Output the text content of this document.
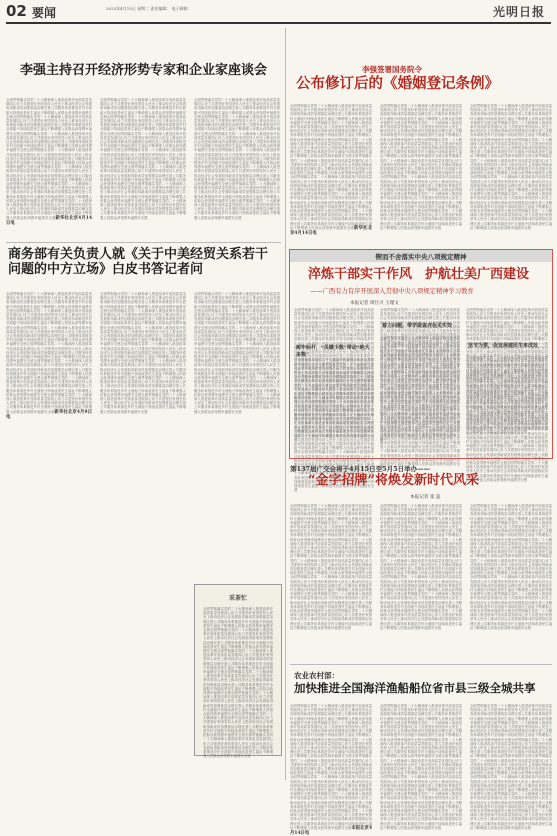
02 要闻	2025年4月15日 星期二 责任编辑： 电子邮箱：	光明日报
李强主持召开经济形势专家和企业家座谈会
全面贯彻落实党的二十大精神深入推进改革开放高质量发展同心协力共建美好家园坚持人民至上推动经济社会发展取得新成效加强基层治理完善公共服务体系推进乡村全面振兴持续改善民生福祉不断增强人民群众获得感幸福感安全感全面贯彻落实党的二十大精神深入推进改革开放高质量发展同心协力共建美好家园坚持人民至上推动经济社会发展取得新成效加强基层治理完善公共服务体系推进乡村全面振兴持续改善民生福祉不断增强人民群众获得感幸福感安全感全面贯彻落实党的二十大精神深入推进改革开放高质量发展同心协力共建美好家园坚持人民至上推动经济社会发展取得新成效加强基层治理完善公共服务体系推进乡村全面振兴持续改善民生福祉不断增强人民群众获得感幸福感安全感全面贯彻落实党的二十大精神深入推进改革开放高质量发展同心协力共建美好家园坚持人民至上推动经济社会发展取得新成效加强基层治理完善公共服务体系推进乡村全面振兴持续改善民生福祉不断增强人民群众获得感幸福感安全感全面贯彻落实党的二十大精神深入推进改革开放高质量发展同心协力共建美好家园坚持人民至上推动经济社会发展取得新成效加强基层治理完善公共服务体系推进乡村全面振兴持续改善民生福祉不断增强人民群众获得感幸福感安全感全面贯彻落实党的二十大精神深入推进改革开放高质量发展同心协力共建美好家园坚持人民至上推动经济社会发展取得新成效加强基层治理完善公共服务体系推进乡村全面振兴持续改善民生福祉不断增强人民群众获得感幸福感安全感全面贯彻落实党的二十大精神深入推进改革开放高质量发展同心协力共建美好家园坚持人民至上推动经济社会发展取得新成效加强基层治理完善公共服务体系推进乡村全面振兴持续改善民生福祉不断增强人民群众获得感幸福感安全感 新华社北京4月14日电
全面贯彻落实党的二十大精神深入推进改革开放高质量发展同心协力共建美好家园坚持人民至上推动经济社会发展取得新成效加强基层治理完善公共服务体系推进乡村全面振兴持续改善民生福祉不断增强人民群众获得感幸福感安全感全面贯彻落实党的二十大精神深入推进改革开放高质量发展同心协力共建美好家园坚持人民至上推动经济社会发展取得新成效加强基层治理完善公共服务体系推进乡村全面振兴持续改善民生福祉不断增强人民群众获得感幸福感安全感全面贯彻落实党的二十大精神深入推进改革开放高质量发展同心协力共建美好家园坚持人民至上推动经济社会发展取得新成效加强基层治理完善公共服务体系推进乡村全面振兴持续改善民生福祉不断增强人民群众获得感幸福感安全感全面贯彻落实党的二十大精神深入推进改革开放高质量发展同心协力共建美好家园坚持人民至上推动经济社会发展取得新成效加强基层治理完善公共服务体系推进乡村全面振兴持续改善民生福祉不断增强人民群众获得感幸福感安全感全面贯彻落实党的二十大精神深入推进改革开放高质量发展同心协力共建美好家园坚持人民至上推动经济社会发展取得新成效加强基层治理完善公共服务体系推进乡村全面振兴持续改善民生福祉不断增强人民群众获得感幸福感安全感全面贯彻落实党的二十大精神深入推进改革开放高质量发展同心协力共建美好家园坚持人民至上推动经济社会发展取得新成效加强基层治理完善公共服务体系推进乡村全面振兴持续改善民生福祉不断增强人民群众获得感幸福感安全感全面贯彻落实党的二十大精神深入推进改革开放高质量发展同心协力共建美好家园坚持人民至上推动经济社会发展取得新成效加强基层治理完善公共服务体系推进乡村全面振兴持续改善民生福祉不断增强人民群众获得感幸福感安全感
全面贯彻落实党的二十大精神深入推进改革开放高质量发展同心协力共建美好家园坚持人民至上推动经济社会发展取得新成效加强基层治理完善公共服务体系推进乡村全面振兴持续改善民生福祉不断增强人民群众获得感幸福感安全感全面贯彻落实党的二十大精神深入推进改革开放高质量发展同心协力共建美好家园坚持人民至上推动经济社会发展取得新成效加强基层治理完善公共服务体系推进乡村全面振兴持续改善民生福祉不断增强人民群众获得感幸福感安全感全面贯彻落实党的二十大精神深入推进改革开放高质量发展同心协力共建美好家园坚持人民至上推动经济社会发展取得新成效加强基层治理完善公共服务体系推进乡村全面振兴持续改善民生福祉不断增强人民群众获得感幸福感安全感全面贯彻落实党的二十大精神深入推进改革开放高质量发展同心协力共建美好家园坚持人民至上推动经济社会发展取得新成效加强基层治理完善公共服务体系推进乡村全面振兴持续改善民生福祉不断增强人民群众获得感幸福感安全感全面贯彻落实党的二十大精神深入推进改革开放高质量发展同心协力共建美好家园坚持人民至上推动经济社会发展取得新成效加强基层治理完善公共服务体系推进乡村全面振兴持续改善民生福祉不断增强人民群众获得感幸福感安全感全面贯彻落实党的二十大精神深入推进改革开放高质量发展同心协力共建美好家园坚持人民至上推动经济社会发展取得新成效加强基层治理完善公共服务体系推进乡村全面振兴持续改善民生福祉不断增强人民群众获得感幸福感安全感全面贯彻落实党的二十大精神深入推进改革开放高质量发展同心协力共建美好家园坚持人民至上推动经济社会发展取得新成效加强基层治理完善公共服务体系推进乡村全面振兴持续改善民生福祉不断增强人民群众获得感幸福感安全感
商务部有关负责人就《关于中美经贸关系若干问题的中方立场》白皮书答记者问
全面贯彻落实党的二十大精神深入推进改革开放高质量发展同心协力共建美好家园坚持人民至上推动经济社会发展取得新成效加强基层治理完善公共服务体系推进乡村全面振兴持续改善民生福祉不断增强人民群众获得感幸福感安全感全面贯彻落实党的二十大精神深入推进改革开放高质量发展同心协力共建美好家园坚持人民至上推动经济社会发展取得新成效加强基层治理完善公共服务体系推进乡村全面振兴持续改善民生福祉不断增强人民群众获得感幸福感安全感全面贯彻落实党的二十大精神深入推进改革开放高质量发展同心协力共建美好家园坚持人民至上推动经济社会发展取得新成效加强基层治理完善公共服务体系推进乡村全面振兴持续改善民生福祉不断增强人民群众获得感幸福感安全感全面贯彻落实党的二十大精神深入推进改革开放高质量发展同心协力共建美好家园坚持人民至上推动经济社会发展取得新成效加强基层治理完善公共服务体系推进乡村全面振兴持续改善民生福祉不断增强人民群众获得感幸福感安全感全面贯彻落实党的二十大精神深入推进改革开放高质量发展同心协力共建美好家园坚持人民至上推动经济社会发展取得新成效加强基层治理完善公共服务体系推进乡村全面振兴持续改善民生福祉不断增强人民群众获得感幸福感安全感全面贯彻落实党的二十大精神深入推进改革开放高质量发展同心协力共建美好家园坚持人民至上推动经济社会发展取得新成效加强基层治理完善公共服务体系推进乡村全面振兴持续改善民生福祉不断增强人民群众获得感幸福感安全感全面贯彻落实党的二十大精神深入推进改革开放高质量发展同心协力共建美好家园坚持人民至上推动经济社会发展取得新成效加强基层治理完善公共服务体系推进乡村全面振兴持续改善民生福祉不断增强人民群众获得感幸福感安全感 新华社北京4月9日电
全面贯彻落实党的二十大精神深入推进改革开放高质量发展同心协力共建美好家园坚持人民至上推动经济社会发展取得新成效加强基层治理完善公共服务体系推进乡村全面振兴持续改善民生福祉不断增强人民群众获得感幸福感安全感全面贯彻落实党的二十大精神深入推进改革开放高质量发展同心协力共建美好家园坚持人民至上推动经济社会发展取得新成效加强基层治理完善公共服务体系推进乡村全面振兴持续改善民生福祉不断增强人民群众获得感幸福感安全感全面贯彻落实党的二十大精神深入推进改革开放高质量发展同心协力共建美好家园坚持人民至上推动经济社会发展取得新成效加强基层治理完善公共服务体系推进乡村全面振兴持续改善民生福祉不断增强人民群众获得感幸福感安全感全面贯彻落实党的二十大精神深入推进改革开放高质量发展同心协力共建美好家园坚持人民至上推动经济社会发展取得新成效加强基层治理完善公共服务体系推进乡村全面振兴持续改善民生福祉不断增强人民群众获得感幸福感安全感全面贯彻落实党的二十大精神深入推进改革开放高质量发展同心协力共建美好家园坚持人民至上推动经济社会发展取得新成效加强基层治理完善公共服务体系推进乡村全面振兴持续改善民生福祉不断增强人民群众获得感幸福感安全感全面贯彻落实党的二十大精神深入推进改革开放高质量发展同心协力共建美好家园坚持人民至上推动经济社会发展取得新成效加强基层治理完善公共服务体系推进乡村全面振兴持续改善民生福祉不断增强人民群众获得感幸福感安全感全面贯彻落实党的二十大精神深入推进改革开放高质量发展同心协力共建美好家园坚持人民至上推动经济社会发展取得新成效加强基层治理完善公共服务体系推进乡村全面振兴持续改善民生福祉不断增强人民群众获得感幸福感安全感
全面贯彻落实党的二十大精神深入推进改革开放高质量发展同心协力共建美好家园坚持人民至上推动经济社会发展取得新成效加强基层治理完善公共服务体系推进乡村全面振兴持续改善民生福祉不断增强人民群众获得感幸福感安全感全面贯彻落实党的二十大精神深入推进改革开放高质量发展同心协力共建美好家园坚持人民至上推动经济社会发展取得新成效加强基层治理完善公共服务体系推进乡村全面振兴持续改善民生福祉不断增强人民群众获得感幸福感安全感全面贯彻落实党的二十大精神深入推进改革开放高质量发展同心协力共建美好家园坚持人民至上推动经济社会发展取得新成效加强基层治理完善公共服务体系推进乡村全面振兴持续改善民生福祉不断增强人民群众获得感幸福感安全感全面贯彻落实党的二十大精神深入推进改革开放高质量发展同心协力共建美好家园坚持人民至上推动经济社会发展取得新成效加强基层治理完善公共服务体系推进乡村全面振兴持续改善民生福祉不断增强人民群众获得感幸福感安全感全面贯彻落实党的二十大精神深入推进改革开放高质量发展同心协力共建美好家园坚持人民至上推动经济社会发展取得新成效加强基层治理完善公共服务体系推进乡村全面振兴持续改善民生福祉不断增强人民群众获得感幸福感安全感全面贯彻落实党的二十大精神深入推进改革开放高质量发展同心协力共建美好家园坚持人民至上推动经济社会发展取得新成效加强基层治理完善公共服务体系推进乡村全面振兴持续改善民生福祉不断增强人民群众获得感幸福感安全感全面贯彻落实党的二十大精神深入推进改革开放高质量发展同心协力共建美好家园坚持人民至上推动经济社会发展取得新成效加强基层治理完善公共服务体系推进乡村全面振兴持续改善民生福祉不断增强人民群众获得感幸福感安全感
采茶忙
全面贯彻落实党的二十大精神深入推进改革开放高质量发展同心协力共建美好家园坚持人民至上推动经济社会发展取得新成效加强基层治理完善公共服务体系推进乡村全面振兴持续改善民生福祉不断增强人民群众获得感幸福感安全感全面贯彻落实党的二十大精神深入推进改革开放高质量发展同心协力共建美好家园坚持人民至上推动经济社会发展取得新成效加强基层治理完善公共服务体系推进乡村全面振兴持续改善民生福祉不断增强人民群众获得感幸福感安全感全面贯彻落实党的二十大精神深入推进改革开放高质量发展同心协力共建美好家园坚持人民至上推动经济社会发展取得新成效加强基层治理完善公共服务体系推进乡村全面振兴持续改善民生福祉不断增强人民群众获得感幸福感安全感全面贯彻落实党的二十大精神深入推进改革开放高质量发展同心协力共建美好家园坚持人民至上推动经济社会发展取得新成效加强基层治理完善公共服务体系推进乡村全面振兴持续改善民生福祉不断增强人民群众获得感幸福感安全感全面贯彻落实党的二十大精神深入推进改革开放高质量发展同心协力共建美好家园坚持人民至上推动经济社会发展取得新成效加强基层治理完善公共服务体系推进乡村全面振兴持续改善民生福祉不断增强人民群众获得感幸福感安全感全面贯彻落实党的二十大精神深入推进改革开放高质量发展同心协力共建美好家园坚持人民至上推动经济社会发展取得新成效加强基层治理完善公共服务体系推进乡村全面振兴持续改善民生福祉不断增强人民群众获得感幸福感安全感全面贯彻落实党的二十大精神深入推进改革开放高质量发展同心协力共建美好家园坚持人民至上推动经济社会发展取得新成效加强基层治理完善公共服务体系推进乡村全面振兴持续改善民生福祉不断增强人民群众获得感幸福感安全感
李强签署国务院令
公布修订后的《婚姻登记条例》
全面贯彻落实党的二十大精神深入推进改革开放高质量发展同心协力共建美好家园坚持人民至上推动经济社会发展取得新成效加强基层治理完善公共服务体系推进乡村全面振兴持续改善民生福祉不断增强人民群众获得感幸福感安全感全面贯彻落实党的二十大精神深入推进改革开放高质量发展同心协力共建美好家园坚持人民至上推动经济社会发展取得新成效加强基层治理完善公共服务体系推进乡村全面振兴持续改善民生福祉不断增强人民群众获得感幸福感安全感全面贯彻落实党的二十大精神深入推进改革开放高质量发展同心协力共建美好家园坚持人民至上推动经济社会发展取得新成效加强基层治理完善公共服务体系推进乡村全面振兴持续改善民生福祉不断增强人民群众获得感幸福感安全感全面贯彻落实党的二十大精神深入推进改革开放高质量发展同心协力共建美好家园坚持人民至上推动经济社会发展取得新成效加强基层治理完善公共服务体系推进乡村全面振兴持续改善民生福祉不断增强人民群众获得感幸福感安全感全面贯彻落实党的二十大精神深入推进改革开放高质量发展同心协力共建美好家园坚持人民至上推动经济社会发展取得新成效加强基层治理完善公共服务体系推进乡村全面振兴持续改善民生福祉不断增强人民群众获得感幸福感安全感全面贯彻落实党的二十大精神深入推进改革开放高质量发展同心协力共建美好家园坚持人民至上推动经济社会发展取得新成效加强基层治理完善公共服务体系推进乡村全面振兴持续改善民生福祉不断增强人民群众获得感幸福感安全感全面贯彻落实党的二十大精神深入推进改革开放高质量发展同心协力共建美好家园坚持人民至上推动经济社会发展取得新成效加强基层治理完善公共服务体系推进乡村全面振兴持续改善民生福祉不断增强人民群众获得感幸福感安全感 新华社北京4月14日电
全面贯彻落实党的二十大精神深入推进改革开放高质量发展同心协力共建美好家园坚持人民至上推动经济社会发展取得新成效加强基层治理完善公共服务体系推进乡村全面振兴持续改善民生福祉不断增强人民群众获得感幸福感安全感全面贯彻落实党的二十大精神深入推进改革开放高质量发展同心协力共建美好家园坚持人民至上推动经济社会发展取得新成效加强基层治理完善公共服务体系推进乡村全面振兴持续改善民生福祉不断增强人民群众获得感幸福感安全感全面贯彻落实党的二十大精神深入推进改革开放高质量发展同心协力共建美好家园坚持人民至上推动经济社会发展取得新成效加强基层治理完善公共服务体系推进乡村全面振兴持续改善民生福祉不断增强人民群众获得感幸福感安全感全面贯彻落实党的二十大精神深入推进改革开放高质量发展同心协力共建美好家园坚持人民至上推动经济社会发展取得新成效加强基层治理完善公共服务体系推进乡村全面振兴持续改善民生福祉不断增强人民群众获得感幸福感安全感全面贯彻落实党的二十大精神深入推进改革开放高质量发展同心协力共建美好家园坚持人民至上推动经济社会发展取得新成效加强基层治理完善公共服务体系推进乡村全面振兴持续改善民生福祉不断增强人民群众获得感幸福感安全感全面贯彻落实党的二十大精神深入推进改革开放高质量发展同心协力共建美好家园坚持人民至上推动经济社会发展取得新成效加强基层治理完善公共服务体系推进乡村全面振兴持续改善民生福祉不断增强人民群众获得感幸福感安全感全面贯彻落实党的二十大精神深入推进改革开放高质量发展同心协力共建美好家园坚持人民至上推动经济社会发展取得新成效加强基层治理完善公共服务体系推进乡村全面振兴持续改善民生福祉不断增强人民群众获得感幸福感安全感
全面贯彻落实党的二十大精神深入推进改革开放高质量发展同心协力共建美好家园坚持人民至上推动经济社会发展取得新成效加强基层治理完善公共服务体系推进乡村全面振兴持续改善民生福祉不断增强人民群众获得感幸福感安全感全面贯彻落实党的二十大精神深入推进改革开放高质量发展同心协力共建美好家园坚持人民至上推动经济社会发展取得新成效加强基层治理完善公共服务体系推进乡村全面振兴持续改善民生福祉不断增强人民群众获得感幸福感安全感全面贯彻落实党的二十大精神深入推进改革开放高质量发展同心协力共建美好家园坚持人民至上推动经济社会发展取得新成效加强基层治理完善公共服务体系推进乡村全面振兴持续改善民生福祉不断增强人民群众获得感幸福感安全感全面贯彻落实党的二十大精神深入推进改革开放高质量发展同心协力共建美好家园坚持人民至上推动经济社会发展取得新成效加强基层治理完善公共服务体系推进乡村全面振兴持续改善民生福祉不断增强人民群众获得感幸福感安全感全面贯彻落实党的二十大精神深入推进改革开放高质量发展同心协力共建美好家园坚持人民至上推动经济社会发展取得新成效加强基层治理完善公共服务体系推进乡村全面振兴持续改善民生福祉不断增强人民群众获得感幸福感安全感全面贯彻落实党的二十大精神深入推进改革开放高质量发展同心协力共建美好家园坚持人民至上推动经济社会发展取得新成效加强基层治理完善公共服务体系推进乡村全面振兴持续改善民生福祉不断增强人民群众获得感幸福感安全感全面贯彻落实党的二十大精神深入推进改革开放高质量发展同心协力共建美好家园坚持人民至上推动经济社会发展取得新成效加强基层治理完善公共服务体系推进乡村全面振兴持续改善民生福祉不断增强人民群众获得感幸福感安全感
锲而不舍落实中央八项规定精神
淬炼干部实干作风　护航壮美广西建设
——广西有力有序开展深入贯彻中央八项规定精神学习教育
本报记者 周仕兴 王瑾文
全面贯彻落实党的二十大精神深入推进改革开放高质量发展同心协力共建美好家园坚持人民至上推动经济社会发展取得新成效加强基层治理完善公共服务体系推进乡村全面振兴持续改善民生福祉不断增强人民群众获得感幸福感安全感全面贯彻落实党的二十大精神深入推进改革开放高质量发展同心协力共建美好家园坚持人民至上推动经济社会发展取得新成效加强基层治理完善公共服务体系推进乡村全面振兴持续改善民生福祉不断增强人民群众获得感幸福感安全感全面贯彻落实党的二十大精神深入推进改革开放高质量发展同心协力共建美好家园坚持人民至上推动经济社会发展取得新成效加强基层治理完善公共服务体系推进乡村全面振兴持续改善民生福祉不断增强人民群众获得感幸福感安全感全面贯彻落实党的二十大精神深入推进改革开放高质量发展同心协力共建美好家园坚持人民至上推动经济社会发展取得新成效加强基层治理完善公共服务体系推进乡村全面振兴持续改善民生福祉不断增强人民群众获得感幸福感安全感全面贯彻落实党的二十大精神深入推进改革开放高质量发展同心协力共建美好家园坚持人民至上推动经济社会发展取得新成效加强基层治理完善公共服务体系推进乡村全面振兴持续改善民生福祉不断增强人民群众获得感幸福感安全感全面贯彻落实党的二十大精神深入推进改革开放高质量发展同心协力共建美好家园坚持人民至上推动经济社会发展取得新成效加强基层治理完善公共服务体系推进乡村全面振兴持续改善民生福祉不断增强人民群众获得感幸福感安全感全面贯彻落实党的二十大精神深入推进改革开放高质量发展同心协力共建美好家园坚持人民至上推动经济社会发展取得新成效加强基层治理完善公共服务体系推进乡村全面振兴持续改善民生福祉不断增强人民群众获得感幸福感安全感
树牢标杆，“关键少数”带动“绝大多数”
全面贯彻落实党的二十大精神深入推进改革开放高质量发展同心协力共建美好家园坚持人民至上推动经济社会发展取得新成效加强基层治理完善公共服务体系推进乡村全面振兴持续改善民生福祉不断增强人民群众获得感幸福感安全感全面贯彻落实党的二十大精神深入推进改革开放高质量发展同心协力共建美好家园坚持人民至上推动经济社会发展取得新成效加强基层治理完善公共服务体系推进乡村全面振兴持续改善民生福祉不断增强人民群众获得感幸福感安全感全面贯彻落实党的二十大精神深入推进改革开放高质量发展同心协力共建美好家园坚持人民至上推动经济社会发展取得新成效加强基层治理完善公共服务体系推进乡村全面振兴持续改善民生福祉不断增强人民群众获得感幸福感安全感全面贯彻落实党的二十大精神深入推进改革开放高质量发展同心协力共建美好家园坚持人民至上推动经济社会发展取得新成效加强基层治理完善公共服务体系推进乡村全面振兴持续改善民生福祉不断增强人民群众获得感幸福感安全感全面贯彻落实党的二十大精神深入推进改革开放高质量发展同心协力共建美好家园坚持人民至上推动经济社会发展取得新成效加强基层治理完善公共服务体系推进乡村全面振兴持续改善民生福祉不断增强人民群众获得感幸福感安全感全面贯彻落实党的二十大精神深入推进改革开放高质量发展同心协力共建美好家园坚持人民至上推动经济社会发展取得新成效加强基层治理完善公共服务体系推进乡村全面振兴持续改善民生福祉不断增强人民群众获得感幸福感安全感全面贯彻落实党的二十大精神深入推进改革开放高质量发展同心协力共建美好家园坚持人民至上推动经济社会发展取得新成效加强基层治理完善公共服务体系推进乡村全面振兴持续改善民生福祉不断增强人民群众获得感幸福感安全感
全面贯彻落实党的二十大精神深入推进改革开放高质量发展同心协力共建美好家园坚持人民至上推动经济社会发展取得新成效加强基层治理完善公共服务体系推进乡村全面振兴持续改善民生福祉不断增强人民群众获得感幸福感安全感全面贯彻落实党的二十大精神深入推进改革开放高质量发展同心协力共建美好家园坚持人民至上推动经济社会发展取得新成效加强基层治理完善公共服务体系推进乡村全面振兴持续改善民生福祉不断增强人民群众获得感幸福感安全感全面贯彻落实党的二十大精神深入推进改革开放高质量发展同心协力共建美好家园坚持人民至上推动经济社会发展取得新成效加强基层治理完善公共服务体系推进乡村全面振兴持续改善民生福祉不断增强人民群众获得感幸福感安全感全面贯彻落实党的二十大精神深入推进改革开放高质量发展同心协力共建美好家园坚持人民至上推动经济社会发展取得新成效加强基层治理完善公共服务体系推进乡村全面振兴持续改善民生福祉不断增强人民群众获得感幸福感安全感全面贯彻落实党的二十大精神深入推进改革开放高质量发展同心协力共建美好家园坚持人民至上推动经济社会发展取得新成效加强基层治理完善公共服务体系推进乡村全面振兴持续改善民生福祉不断增强人民群众获得感幸福感安全感全面贯彻落实党的二十大精神深入推进改革开放高质量发展同心协力共建美好家园坚持人民至上推动经济社会发展取得新成效加强基层治理完善公共服务体系推进乡村全面振兴持续改善民生福祉不断增强人民群众获得感幸福感安全感全面贯彻落实党的二十大精神深入推进改革开放高质量发展同心协力共建美好家园坚持人民至上推动经济社会发展取得新成效加强基层治理完善公共服务体系推进乡村全面振兴持续改善民生福祉不断增强人民群众获得感幸福感安全感
着力问题，带学做查齐促见实效
全面贯彻落实党的二十大精神深入推进改革开放高质量发展同心协力共建美好家园坚持人民至上推动经济社会发展取得新成效加强基层治理完善公共服务体系推进乡村全面振兴持续改善民生福祉不断增强人民群众获得感幸福感安全感全面贯彻落实党的二十大精神深入推进改革开放高质量发展同心协力共建美好家园坚持人民至上推动经济社会发展取得新成效加强基层治理完善公共服务体系推进乡村全面振兴持续改善民生福祉不断增强人民群众获得感幸福感安全感全面贯彻落实党的二十大精神深入推进改革开放高质量发展同心协力共建美好家园坚持人民至上推动经济社会发展取得新成效加强基层治理完善公共服务体系推进乡村全面振兴持续改善民生福祉不断增强人民群众获得感幸福感安全感全面贯彻落实党的二十大精神深入推进改革开放高质量发展同心协力共建美好家园坚持人民至上推动经济社会发展取得新成效加强基层治理完善公共服务体系推进乡村全面振兴持续改善民生福祉不断增强人民群众获得感幸福感安全感全面贯彻落实党的二十大精神深入推进改革开放高质量发展同心协力共建美好家园坚持人民至上推动经济社会发展取得新成效加强基层治理完善公共服务体系推进乡村全面振兴持续改善民生福祉不断增强人民群众获得感幸福感安全感全面贯彻落实党的二十大精神深入推进改革开放高质量发展同心协力共建美好家园坚持人民至上推动经济社会发展取得新成效加强基层治理完善公共服务体系推进乡村全面振兴持续改善民生福祉不断增强人民群众获得感幸福感安全感全面贯彻落实党的二十大精神深入推进改革开放高质量发展同心协力共建美好家园坚持人民至上推动经济社会发展取得新成效加强基层治理完善公共服务体系推进乡村全面振兴持续改善民生福祉不断增强人民群众获得感幸福感安全感
全面贯彻落实党的二十大精神深入推进改革开放高质量发展同心协力共建美好家园坚持人民至上推动经济社会发展取得新成效加强基层治理完善公共服务体系推进乡村全面振兴持续改善民生福祉不断增强人民群众获得感幸福感安全感全面贯彻落实党的二十大精神深入推进改革开放高质量发展同心协力共建美好家园坚持人民至上推动经济社会发展取得新成效加强基层治理完善公共服务体系推进乡村全面振兴持续改善民生福祉不断增强人民群众获得感幸福感安全感全面贯彻落实党的二十大精神深入推进改革开放高质量发展同心协力共建美好家园坚持人民至上推动经济社会发展取得新成效加强基层治理完善公共服务体系推进乡村全面振兴持续改善民生福祉不断增强人民群众获得感幸福感安全感全面贯彻落实党的二十大精神深入推进改革开放高质量发展同心协力共建美好家园坚持人民至上推动经济社会发展取得新成效加强基层治理完善公共服务体系推进乡村全面振兴持续改善民生福祉不断增强人民群众获得感幸福感安全感全面贯彻落实党的二十大精神深入推进改革开放高质量发展同心协力共建美好家园坚持人民至上推动经济社会发展取得新成效加强基层治理完善公共服务体系推进乡村全面振兴持续改善民生福祉不断增强人民群众获得感幸福感安全感全面贯彻落实党的二十大精神深入推进改革开放高质量发展同心协力共建美好家园坚持人民至上推动经济社会发展取得新成效加强基层治理完善公共服务体系推进乡村全面振兴持续改善民生福祉不断增强人民群众获得感幸福感安全感全面贯彻落实党的二十大精神深入推进改革开放高质量发展同心协力共建美好家园坚持人民至上推动经济社会发展取得新成效加强基层治理完善公共服务体系推进乡村全面振兴持续改善民生福祉不断增强人民群众获得感幸福感安全感
坚节为要，促发展建民生来成效
全面贯彻落实党的二十大精神深入推进改革开放高质量发展同心协力共建美好家园坚持人民至上推动经济社会发展取得新成效加强基层治理完善公共服务体系推进乡村全面振兴持续改善民生福祉不断增强人民群众获得感幸福感安全感全面贯彻落实党的二十大精神深入推进改革开放高质量发展同心协力共建美好家园坚持人民至上推动经济社会发展取得新成效加强基层治理完善公共服务体系推进乡村全面振兴持续改善民生福祉不断增强人民群众获得感幸福感安全感全面贯彻落实党的二十大精神深入推进改革开放高质量发展同心协力共建美好家园坚持人民至上推动经济社会发展取得新成效加强基层治理完善公共服务体系推进乡村全面振兴持续改善民生福祉不断增强人民群众获得感幸福感安全感全面贯彻落实党的二十大精神深入推进改革开放高质量发展同心协力共建美好家园坚持人民至上推动经济社会发展取得新成效加强基层治理完善公共服务体系推进乡村全面振兴持续改善民生福祉不断增强人民群众获得感幸福感安全感全面贯彻落实党的二十大精神深入推进改革开放高质量发展同心协力共建美好家园坚持人民至上推动经济社会发展取得新成效加强基层治理完善公共服务体系推进乡村全面振兴持续改善民生福祉不断增强人民群众获得感幸福感安全感全面贯彻落实党的二十大精神深入推进改革开放高质量发展同心协力共建美好家园坚持人民至上推动经济社会发展取得新成效加强基层治理完善公共服务体系推进乡村全面振兴持续改善民生福祉不断增强人民群众获得感幸福感安全感全面贯彻落实党的二十大精神深入推进改革开放高质量发展同心协力共建美好家园坚持人民至上推动经济社会发展取得新成效加强基层治理完善公共服务体系推进乡村全面振兴持续改善民生福祉不断增强人民群众获得感幸福感安全感
第137届广交会将于4月15日至5月5日举办——
“金字招牌”将焕发新时代风采
本报记者 张 蕊
全面贯彻落实党的二十大精神深入推进改革开放高质量发展同心协力共建美好家园坚持人民至上推动经济社会发展取得新成效加强基层治理完善公共服务体系推进乡村全面振兴持续改善民生福祉不断增强人民群众获得感幸福感安全感全面贯彻落实党的二十大精神深入推进改革开放高质量发展同心协力共建美好家园坚持人民至上推动经济社会发展取得新成效加强基层治理完善公共服务体系推进乡村全面振兴持续改善民生福祉不断增强人民群众获得感幸福感安全感全面贯彻落实党的二十大精神深入推进改革开放高质量发展同心协力共建美好家园坚持人民至上推动经济社会发展取得新成效加强基层治理完善公共服务体系推进乡村全面振兴持续改善民生福祉不断增强人民群众获得感幸福感安全感全面贯彻落实党的二十大精神深入推进改革开放高质量发展同心协力共建美好家园坚持人民至上推动经济社会发展取得新成效加强基层治理完善公共服务体系推进乡村全面振兴持续改善民生福祉不断增强人民群众获得感幸福感安全感全面贯彻落实党的二十大精神深入推进改革开放高质量发展同心协力共建美好家园坚持人民至上推动经济社会发展取得新成效加强基层治理完善公共服务体系推进乡村全面振兴持续改善民生福祉不断增强人民群众获得感幸福感安全感全面贯彻落实党的二十大精神深入推进改革开放高质量发展同心协力共建美好家园坚持人民至上推动经济社会发展取得新成效加强基层治理完善公共服务体系推进乡村全面振兴持续改善民生福祉不断增强人民群众获得感幸福感安全感全面贯彻落实党的二十大精神深入推进改革开放高质量发展同心协力共建美好家园坚持人民至上推动经济社会发展取得新成效加强基层治理完善公共服务体系推进乡村全面振兴持续改善民生福祉不断增强人民群众获得感幸福感安全感
全面贯彻落实党的二十大精神深入推进改革开放高质量发展同心协力共建美好家园坚持人民至上推动经济社会发展取得新成效加强基层治理完善公共服务体系推进乡村全面振兴持续改善民生福祉不断增强人民群众获得感幸福感安全感全面贯彻落实党的二十大精神深入推进改革开放高质量发展同心协力共建美好家园坚持人民至上推动经济社会发展取得新成效加强基层治理完善公共服务体系推进乡村全面振兴持续改善民生福祉不断增强人民群众获得感幸福感安全感全面贯彻落实党的二十大精神深入推进改革开放高质量发展同心协力共建美好家园坚持人民至上推动经济社会发展取得新成效加强基层治理完善公共服务体系推进乡村全面振兴持续改善民生福祉不断增强人民群众获得感幸福感安全感全面贯彻落实党的二十大精神深入推进改革开放高质量发展同心协力共建美好家园坚持人民至上推动经济社会发展取得新成效加强基层治理完善公共服务体系推进乡村全面振兴持续改善民生福祉不断增强人民群众获得感幸福感安全感全面贯彻落实党的二十大精神深入推进改革开放高质量发展同心协力共建美好家园坚持人民至上推动经济社会发展取得新成效加强基层治理完善公共服务体系推进乡村全面振兴持续改善民生福祉不断增强人民群众获得感幸福感安全感全面贯彻落实党的二十大精神深入推进改革开放高质量发展同心协力共建美好家园坚持人民至上推动经济社会发展取得新成效加强基层治理完善公共服务体系推进乡村全面振兴持续改善民生福祉不断增强人民群众获得感幸福感安全感全面贯彻落实党的二十大精神深入推进改革开放高质量发展同心协力共建美好家园坚持人民至上推动经济社会发展取得新成效加强基层治理完善公共服务体系推进乡村全面振兴持续改善民生福祉不断增强人民群众获得感幸福感安全感
全面贯彻落实党的二十大精神深入推进改革开放高质量发展同心协力共建美好家园坚持人民至上推动经济社会发展取得新成效加强基层治理完善公共服务体系推进乡村全面振兴持续改善民生福祉不断增强人民群众获得感幸福感安全感全面贯彻落实党的二十大精神深入推进改革开放高质量发展同心协力共建美好家园坚持人民至上推动经济社会发展取得新成效加强基层治理完善公共服务体系推进乡村全面振兴持续改善民生福祉不断增强人民群众获得感幸福感安全感全面贯彻落实党的二十大精神深入推进改革开放高质量发展同心协力共建美好家园坚持人民至上推动经济社会发展取得新成效加强基层治理完善公共服务体系推进乡村全面振兴持续改善民生福祉不断增强人民群众获得感幸福感安全感全面贯彻落实党的二十大精神深入推进改革开放高质量发展同心协力共建美好家园坚持人民至上推动经济社会发展取得新成效加强基层治理完善公共服务体系推进乡村全面振兴持续改善民生福祉不断增强人民群众获得感幸福感安全感全面贯彻落实党的二十大精神深入推进改革开放高质量发展同心协力共建美好家园坚持人民至上推动经济社会发展取得新成效加强基层治理完善公共服务体系推进乡村全面振兴持续改善民生福祉不断增强人民群众获得感幸福感安全感全面贯彻落实党的二十大精神深入推进改革开放高质量发展同心协力共建美好家园坚持人民至上推动经济社会发展取得新成效加强基层治理完善公共服务体系推进乡村全面振兴持续改善民生福祉不断增强人民群众获得感幸福感安全感全面贯彻落实党的二十大精神深入推进改革开放高质量发展同心协力共建美好家园坚持人民至上推动经济社会发展取得新成效加强基层治理完善公共服务体系推进乡村全面振兴持续改善民生福祉不断增强人民群众获得感幸福感安全感
农业农村部：
加快推进全国海洋渔船船位省市县三级全城共享
全面贯彻落实党的二十大精神深入推进改革开放高质量发展同心协力共建美好家园坚持人民至上推动经济社会发展取得新成效加强基层治理完善公共服务体系推进乡村全面振兴持续改善民生福祉不断增强人民群众获得感幸福感安全感全面贯彻落实党的二十大精神深入推进改革开放高质量发展同心协力共建美好家园坚持人民至上推动经济社会发展取得新成效加强基层治理完善公共服务体系推进乡村全面振兴持续改善民生福祉不断增强人民群众获得感幸福感安全感全面贯彻落实党的二十大精神深入推进改革开放高质量发展同心协力共建美好家园坚持人民至上推动经济社会发展取得新成效加强基层治理完善公共服务体系推进乡村全面振兴持续改善民生福祉不断增强人民群众获得感幸福感安全感全面贯彻落实党的二十大精神深入推进改革开放高质量发展同心协力共建美好家园坚持人民至上推动经济社会发展取得新成效加强基层治理完善公共服务体系推进乡村全面振兴持续改善民生福祉不断增强人民群众获得感幸福感安全感全面贯彻落实党的二十大精神深入推进改革开放高质量发展同心协力共建美好家园坚持人民至上推动经济社会发展取得新成效加强基层治理完善公共服务体系推进乡村全面振兴持续改善民生福祉不断增强人民群众获得感幸福感安全感全面贯彻落实党的二十大精神深入推进改革开放高质量发展同心协力共建美好家园坚持人民至上推动经济社会发展取得新成效加强基层治理完善公共服务体系推进乡村全面振兴持续改善民生福祉不断增强人民群众获得感幸福感安全感全面贯彻落实党的二十大精神深入推进改革开放高质量发展同心协力共建美好家园坚持人民至上推动经济社会发展取得新成效加强基层治理完善公共服务体系推进乡村全面振兴持续改善民生福祉不断增强人民群众获得感幸福感安全感 本报北京4月14日电
全面贯彻落实党的二十大精神深入推进改革开放高质量发展同心协力共建美好家园坚持人民至上推动经济社会发展取得新成效加强基层治理完善公共服务体系推进乡村全面振兴持续改善民生福祉不断增强人民群众获得感幸福感安全感全面贯彻落实党的二十大精神深入推进改革开放高质量发展同心协力共建美好家园坚持人民至上推动经济社会发展取得新成效加强基层治理完善公共服务体系推进乡村全面振兴持续改善民生福祉不断增强人民群众获得感幸福感安全感全面贯彻落实党的二十大精神深入推进改革开放高质量发展同心协力共建美好家园坚持人民至上推动经济社会发展取得新成效加强基层治理完善公共服务体系推进乡村全面振兴持续改善民生福祉不断增强人民群众获得感幸福感安全感全面贯彻落实党的二十大精神深入推进改革开放高质量发展同心协力共建美好家园坚持人民至上推动经济社会发展取得新成效加强基层治理完善公共服务体系推进乡村全面振兴持续改善民生福祉不断增强人民群众获得感幸福感安全感全面贯彻落实党的二十大精神深入推进改革开放高质量发展同心协力共建美好家园坚持人民至上推动经济社会发展取得新成效加强基层治理完善公共服务体系推进乡村全面振兴持续改善民生福祉不断增强人民群众获得感幸福感安全感全面贯彻落实党的二十大精神深入推进改革开放高质量发展同心协力共建美好家园坚持人民至上推动经济社会发展取得新成效加强基层治理完善公共服务体系推进乡村全面振兴持续改善民生福祉不断增强人民群众获得感幸福感安全感全面贯彻落实党的二十大精神深入推进改革开放高质量发展同心协力共建美好家园坚持人民至上推动经济社会发展取得新成效加强基层治理完善公共服务体系推进乡村全面振兴持续改善民生福祉不断增强人民群众获得感幸福感安全感
全面贯彻落实党的二十大精神深入推进改革开放高质量发展同心协力共建美好家园坚持人民至上推动经济社会发展取得新成效加强基层治理完善公共服务体系推进乡村全面振兴持续改善民生福祉不断增强人民群众获得感幸福感安全感全面贯彻落实党的二十大精神深入推进改革开放高质量发展同心协力共建美好家园坚持人民至上推动经济社会发展取得新成效加强基层治理完善公共服务体系推进乡村全面振兴持续改善民生福祉不断增强人民群众获得感幸福感安全感全面贯彻落实党的二十大精神深入推进改革开放高质量发展同心协力共建美好家园坚持人民至上推动经济社会发展取得新成效加强基层治理完善公共服务体系推进乡村全面振兴持续改善民生福祉不断增强人民群众获得感幸福感安全感全面贯彻落实党的二十大精神深入推进改革开放高质量发展同心协力共建美好家园坚持人民至上推动经济社会发展取得新成效加强基层治理完善公共服务体系推进乡村全面振兴持续改善民生福祉不断增强人民群众获得感幸福感安全感全面贯彻落实党的二十大精神深入推进改革开放高质量发展同心协力共建美好家园坚持人民至上推动经济社会发展取得新成效加强基层治理完善公共服务体系推进乡村全面振兴持续改善民生福祉不断增强人民群众获得感幸福感安全感全面贯彻落实党的二十大精神深入推进改革开放高质量发展同心协力共建美好家园坚持人民至上推动经济社会发展取得新成效加强基层治理完善公共服务体系推进乡村全面振兴持续改善民生福祉不断增强人民群众获得感幸福感安全感全面贯彻落实党的二十大精神深入推进改革开放高质量发展同心协力共建美好家园坚持人民至上推动经济社会发展取得新成效加强基层治理完善公共服务体系推进乡村全面振兴持续改善民生福祉不断增强人民群众获得感幸福感安全感
